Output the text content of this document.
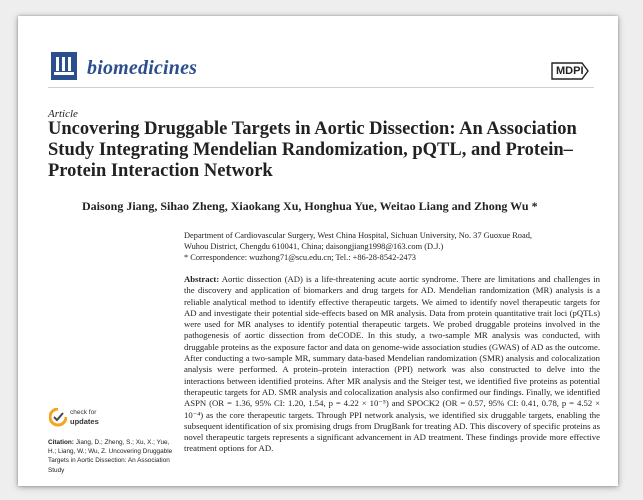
biomedicines	MDPI
Article
Uncovering Druggable Targets in Aortic Dissection: An Association Study Integrating Mendelian Randomization, pQTL, and Protein–Protein Interaction Network
Daisong Jiang, Sihao Zheng, Xiaokang Xu, Honghua Yue, Weitao Liang and Zhong Wu *
Department of Cardiovascular Surgery, West China Hospital, Sichuan University, No. 37 Guoxue Road,
Wuhou District, Chengdu 610041, China; daisongjiang1998@163.com (D.J.)
* Correspondence: wuzhong71@scu.edu.cn; Tel.: +86-28-8542-2473
Abstract: Aortic dissection (AD) is a life-threatening acute aortic syndrome. There are limitations and challenges in the discovery and application of biomarkers and drug targets for AD. Mendelian randomization (MR) analysis is a reliable analytical method to identify effective therapeutic targets. We aimed to identify novel therapeutic targets for AD and investigate their potential side-effects based on MR analysis. Data from protein quantitative trait loci (pQTLs) were used for MR analyses to identify potential therapeutic targets. We probed druggable proteins involved in the pathogenesis of aortic dissection from deCODE. In this study, a two-sample MR analysis was conducted, with druggable proteins as the exposure factor and data on genome-wide association studies (GWAS) of AD as the outcome. After conducting a two-sample MR, summary data-based Mendelian randomization (SMR) analysis and colocalization analysis were performed. A protein–protein interaction (PPI) network was also constructed to delve into the interactions between identified proteins. After MR analysis and the Steiger test, we identified five proteins as potential therapeutic targets for AD. SMR analysis and colocalization analysis also confirmed our findings. Finally, we identified ASPN (OR = 1.36, 95% CI: 1.20, 1.54, p = 4.22 × 10⁻⁵) and SPOCK2 (OR = 0.57, 95% CI: 0.41, 0.78, p = 4.52 × 10⁻⁴) as the core therapeutic targets. Through PPI network analysis, we identified six druggable targets, enabling the subsequent identification of six promising drugs from DrugBank for treating AD. This discovery of specific proteins as novel therapeutic targets represents a significant advancement in AD treatment. These findings provide more effective treatment options for AD.
check for
updates
Citation: Jiang, D.; Zheng, S.; Xu, X.; Yue, H.; Liang, W.; Wu, Z. Uncovering Druggable Targets in Aortic Dissection: An Association Study
